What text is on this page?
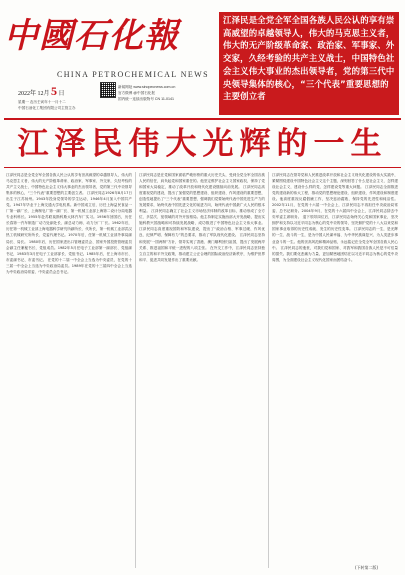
中國石化報
CHINA PETROCHEMICAL NEWS
2022年 12月 5 日
星期一 农历壬寅年十一月十二
中国石油化工集团有限公司主管主办
新闻网址 www.sinopecnews.com.cn
官方微博 @中国石化报
国内统一连续出版物号 CN 11-0141
江泽民是全党全军全国各族人民公认的享有崇高威望的卓越领导人，伟大的马克思主义者，伟大的无产阶级革命家、政治家、军事家、外交家，久经考验的共产主义战士，中国特色社会主义伟大事业的杰出领导者，党的第三代中央领导集体的核心，“三个代表”重要思想的主要创立者
江泽民伟大光辉的一生
江泽民同志是全党全军全国各族人民公认的享有崇高威望的卓越领导人，伟大的马克思主义者，伟大的无产阶级革命家、政治家、军事家、外交家，久经考验的共产主义战士，中国特色社会主义伟大事业的杰出领导者，党的第三代中央领导集体的核心，“三个代表”重要思想的主要创立者。 江泽民同志1926年8月17日出生于江苏扬州。1943年投身党领导的学生运动，1946年4月加入中国共产党。1947年毕业于上海交通大学电机系。新中国成立后，历任上海益民食品一厂第一副厂长、上海制皂厂第一副厂长、第一机械工业部上海第二设计分局电器专业科科长。1955年赴苏联莫斯科斯大林汽车厂实习。1956年回国后，历任长春第一汽车制造厂动力处副处长、副总动力师、动力分厂厂长。1962年后，历任第一机械工业部上海电器科学研究所副所长、代所长，第一机械工业部武汉热工机械研究所所长、党委代理书记。1970年后，任第一机械工业部外事局副局长、局长。 1980年后，历任国家进出口管理委员会、国家外国投资管理委员会副主任兼秘书长、党组成员。1982年5月任电子工业部第一副部长、党组副书记，1983年3月任电子工业部部长、党组书记。1985年后，任上海市市长、市委副书记、市委书记。 在党的十二届一中全会上当选为中央委员，在党的十三届一中全会上当选为中央政治局委员。1989年在党的十三届四中全会上当选为中央政治局常委、中央委员会总书记。
江泽民同志是在党和国家面临严峻形势的重大历史关头，受到全党全军全国各族人民的信任，肩负起党和国家重任的。他坚定维护社会主义国家政权，保持了党和国家大局稳定，推动了改革开放和现代化建设继续向前发展。 江泽民同志高度重视党的建设，提出了加强党的思想建设、组织建设、作风建设的重要思想，创造性地提出了“三个代表”重要思想，强调我们党要始终代表中国先进生产力的发展要求，始终代表中国先进文化的前进方向，始终代表中国最广大人民的根本利益。 江泽民同志确立了社会主义市场经济体制的改革目标，推动形成了全方位、多层次、宽领域的对外开放格局。他主持制定实施西部大开发战略，提出实施科教兴国战略和可持续发展战略，成功推进了中国特色社会主义伟大事业。 江泽民同志高度重视国防和军队建设，提出了“政治合格、军事过硬、作风优良、纪律严明、保障有力”的总要求，推动了军队现代化建设。 江泽民同志坚持和发展“一国两制”方针，领导实现了香港、澳门顺利回归祖国，提出了发展两岸关系、推进祖国和平统一进程的八项主张。 在外交工作中，江泽民同志坚持独立自主的和平外交政策，推动建立公正合理的国际政治经济新秩序，为维护世界和平、促进共同发展作出了重要贡献。
江泽民同志在领导党和人民推进改革开放和社会主义现代化建设的伟大实践中，紧紧围绕建设中国特色社会主义这个主题，深刻回答了什么是社会主义、怎样建设社会主义，建设什么样的党、怎样建设党等重大问题。 江泽民同志全面推进党的建设新的伟大工程，推动党的思想理论建设、组织建设、作风建设和制度建设。他高度重视反腐倡廉工作，坚决惩治腐败，保持党的先进性和纯洁性。 2002年11月，在党的十六届一中全会上，江泽民同志不再担任中央政治局常委、总书记职务。2004年9月，在党的十六届四中全会上，江泽民同志辞去中央军委主席职务。 退下领导岗位后，江泽民同志始终关心党和国家事业，坚决拥护和支持以习近平同志为核心的党中央的领导，坚决拥护党的十八大以来党和国家事业取得的历史性成就、发生的历史性变革。 江泽民同志的一生，是光辉的一生、战斗的一生，是为中国人民谋幸福、为中华民族谋复兴、为人类进步事业奋斗的一生。他的崇高风范和精神品格，永远铭记在全党全军全国各族人民心中。 江泽民同志的逝世，对我们党和国家、对我军和我国各族人民是不可估量的损失。我们要化悲痛为力量，更加紧密地团结在以习近平同志为核心的党中央周围，为全面建设社会主义现代化国家而团结奋斗。
(下转第二版)
